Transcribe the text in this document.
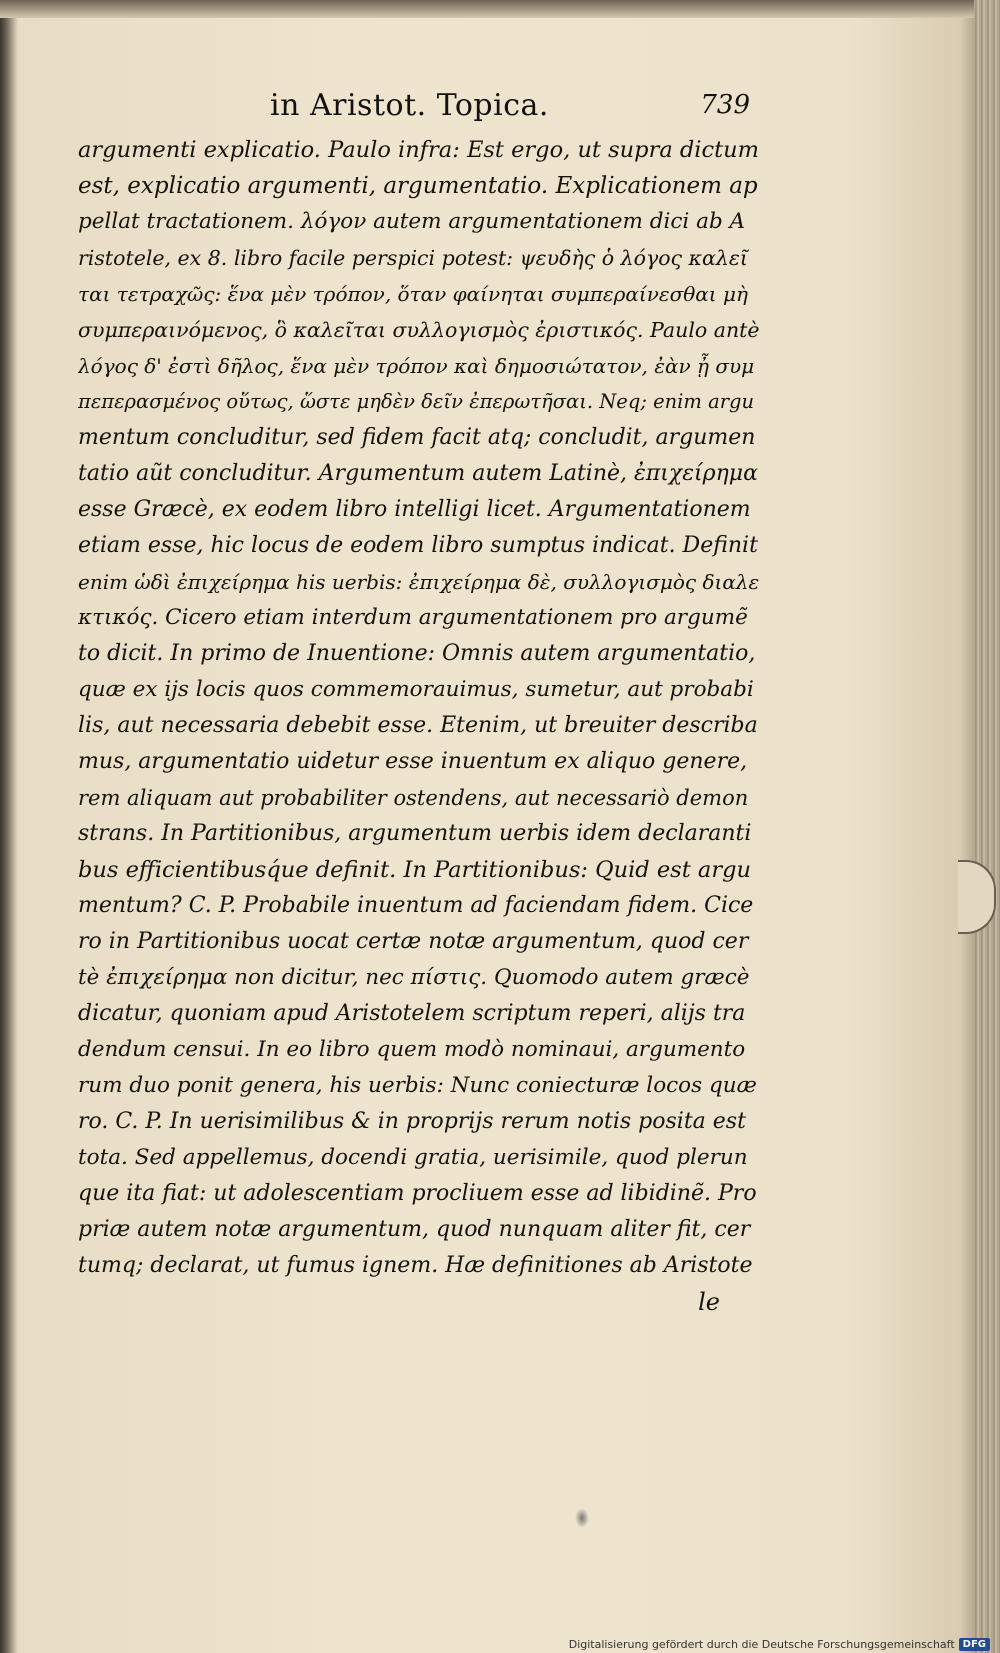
in Aristot. Topica.	739
argumenti explicatio. Paulo infra: Est ergo, ut supra dictum
est, explicatio argumenti, argumentatio. Explicationem ap
pellat tractationem. λόγον autem argumentationem dici ab A
ristotele, ex 8. libro facile perspici potest: ψευδὴς ὁ λόγος καλεῖ
ται τετραχῶς: ἕνα μὲν τρόπον, ὅταν φαίνηται συμπεραίνεσθαι μὴ
συμπεραινόμενος, ὃ καλεῖται συλλογισμὸς ἐριστικός. Paulo antè
λόγος δ' ἐστὶ δῆλος, ἕνα μὲν τρόπον καὶ δημοσιώτατον, ἐὰν ᾖ συμ
πεπερασμένος οὕτως, ὥστε μηδὲν δεῖν ἐπερωτῆσαι. Neq; enim argu
mentum concluditur, sed fidem facit atq; concludit, argumen
tatio aũt concluditur. Argumentum autem Latinè, ἐπιχείρημα
esse Græcè, ex eodem libro intelligi licet. Argumentationem
etiam esse, hic locus de eodem libro sumptus indicat. Definit
enim ὡδὶ ἐπιχείρημα his uerbis: ἐπιχείρημα δὲ, συλλογισμὸς διαλε
κτικός. Cicero etiam interdum argumentationem pro argumẽ
to dicit. In primo de Inuentione: Omnis autem argumentatio,
quæ ex ijs locis quos commemorauimus, sumetur, aut probabi
lis, aut necessaria debebit esse. Etenim, ut breuiter describa
mus, argumentatio uidetur esse inuentum ex aliquo genere,
rem aliquam aut probabiliter ostendens, aut necessariò demon
strans. In Partitionibus, argumentum uerbis idem declaranti
bus efficientibusq́ue definit. In Partitionibus: Quid est argu
mentum? C. P. Probabile inuentum ad faciendam fidem. Cice
ro in Partitionibus uocat certæ notæ argumentum, quod cer
tè ἐπιχείρημα non dicitur, nec πίστις. Quomodo autem græcè
dicatur, quoniam apud Aristotelem scriptum reperi, alijs tra
dendum censui. In eo libro quem modò nominaui, argumento
rum duo ponit genera, his uerbis: Nunc coniecturæ locos quæ
ro. C. P. In uerisimilibus & in proprijs rerum notis posita est
tota. Sed appellemus, docendi gratia, uerisimile, quod plerun
que ita fiat: ut adolescentiam procliuem esse ad libidinẽ. Pro
priæ autem notæ argumentum, quod nunquam aliter fit, cer
tumq; declarat, ut fumus ignem. Hæ definitiones ab Aristote
le
Digitalisierung gefördert durch die Deutsche Forschungsgemeinschaft DFG
